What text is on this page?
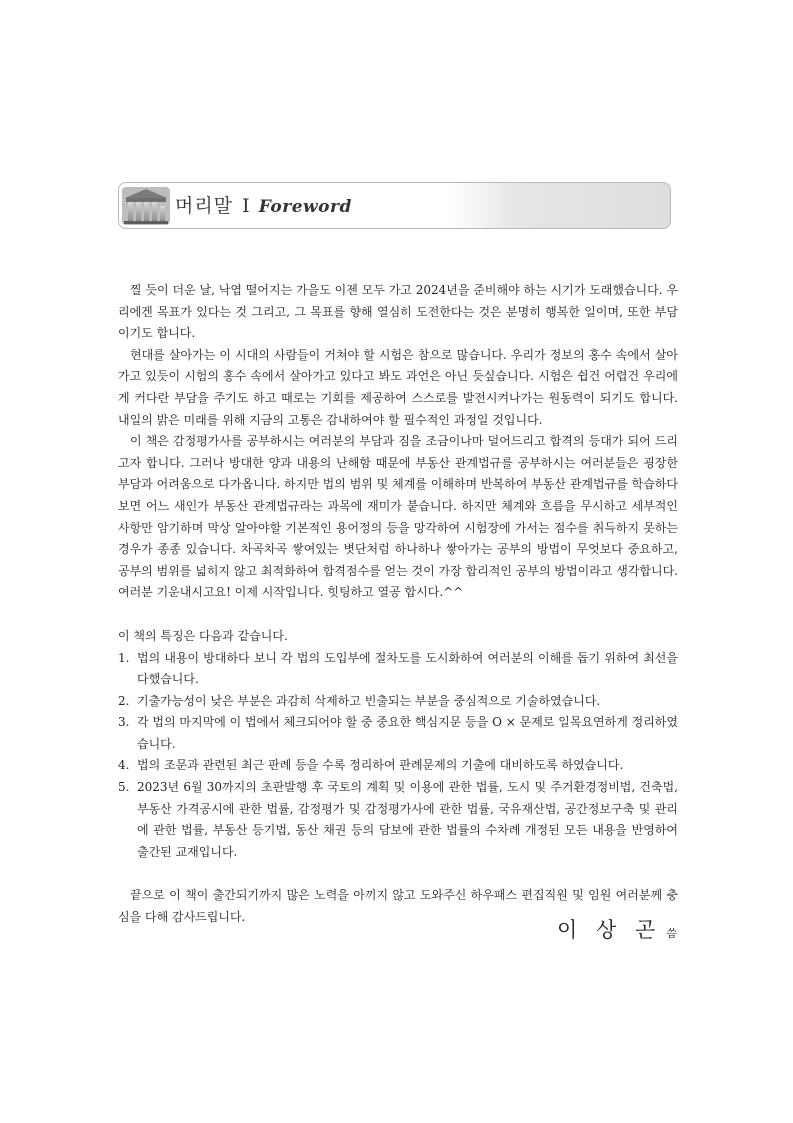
머리말 I Foreword

찔 듯이 더운 날, 낙엽 떨어지는 가을도 이젠 모두 가고 2024년을 준비해야 하는 시기가 도래했습니다. 우리에겐 목표가 있다는 것 그리고, 그 목표를 향해 열심히 도전한다는 것은 분명히 행복한 일이며, 또한 부담이기도 합니다.

현대를 살아가는 이 시대의 사람들이 거쳐야 할 시험은 참으로 많습니다. 우리가 정보의 홍수 속에서 살아가고 있듯이 시험의 홍수 속에서 살아가고 있다고 봐도 과언은 아닌 듯싶습니다. 시험은 쉽건 어렵건 우리에게 커다란 부담을 주기도 하고 때로는 기회를 제공하여 스스로를 발전시켜나가는 원동력이 되기도 합니다. 내일의 밝은 미래를 위해 지금의 고통은 감내하여야 할 필수적인 과정일 것입니다.

이 책은 감정평가사를 공부하시는 여러분의 부담과 짐을 조금이나마 덜어드리고 합격의 등대가 되어 드리고자 합니다. 그러나 방대한 양과 내용의 난해함 때문에 부동산 관계법규를 공부하시는 여러분들은 굉장한 부담과 어려움으로 다가옵니다. 하지만 법의 범위 및 체계를 이해하며 반복하여 부동산 관계법규를 학습하다보면 어느 새인가 부동산 관계법규라는 과목에 재미가 붙습니다. 하지만 체계와 흐름을 무시하고 세부적인 사항만 암기하며 막상 알아야할 기본적인 용어정의 등을 망각하여 시험장에 가서는 점수를 취득하지 못하는 경우가 종종 있습니다. 차곡차곡 쌓여있는 볏단처럼 하나하나 쌓아가는 공부의 방법이 무엇보다 중요하고, 공부의 범위를 넓히지 않고 최적화하여 합격점수를 얻는 것이 가장 합리적인 공부의 방법이라고 생각합니다. 여러분 기운내시고요! 이제 시작입니다. 힛팅하고 열공 합시다.^^

이 책의 특징은 다음과 같습니다.

1. 법의 내용이 방대하다 보니 각 법의 도입부에 절차도를 도시화하여 여러분의 이해를 돕기 위하여 최선을 다했습니다.
2. 기출가능성이 낮은 부분은 과감히 삭제하고 빈출되는 부분을 중심적으로 기술하였습니다.
3. 각 법의 마지막에 이 법에서 체크되어야 할 중 중요한 핵심지문 등을 O × 문제로 일목요연하게 정리하였습니다.
4. 법의 조문과 관련된 최근 판례 등을 수록 정리하여 판례문제의 기출에 대비하도록 하였습니다.
5. 2023년 6월 30까지의 초판발행 후 국토의 계획 및 이용에 관한 법률, 도시 및 주거환경정비법, 건축법, 부동산 가격공시에 관한 법률, 감정평가 및 감정평가사에 관한 법률, 국유재산법, 공간정보구축 및 관리에 관한 법률, 부동산 등기법, 동산 채권 등의 담보에 관한 법률의 수차례 개정된 모든 내용을 반영하여 출간된 교재입니다.

끝으로 이 책이 출간되기까지 많은 노력을 아끼지 않고 도와주신 하우패스 편집직원 및 임원 여러분께 충심을 다해 감사드립니다.

이 상 곤 씀
